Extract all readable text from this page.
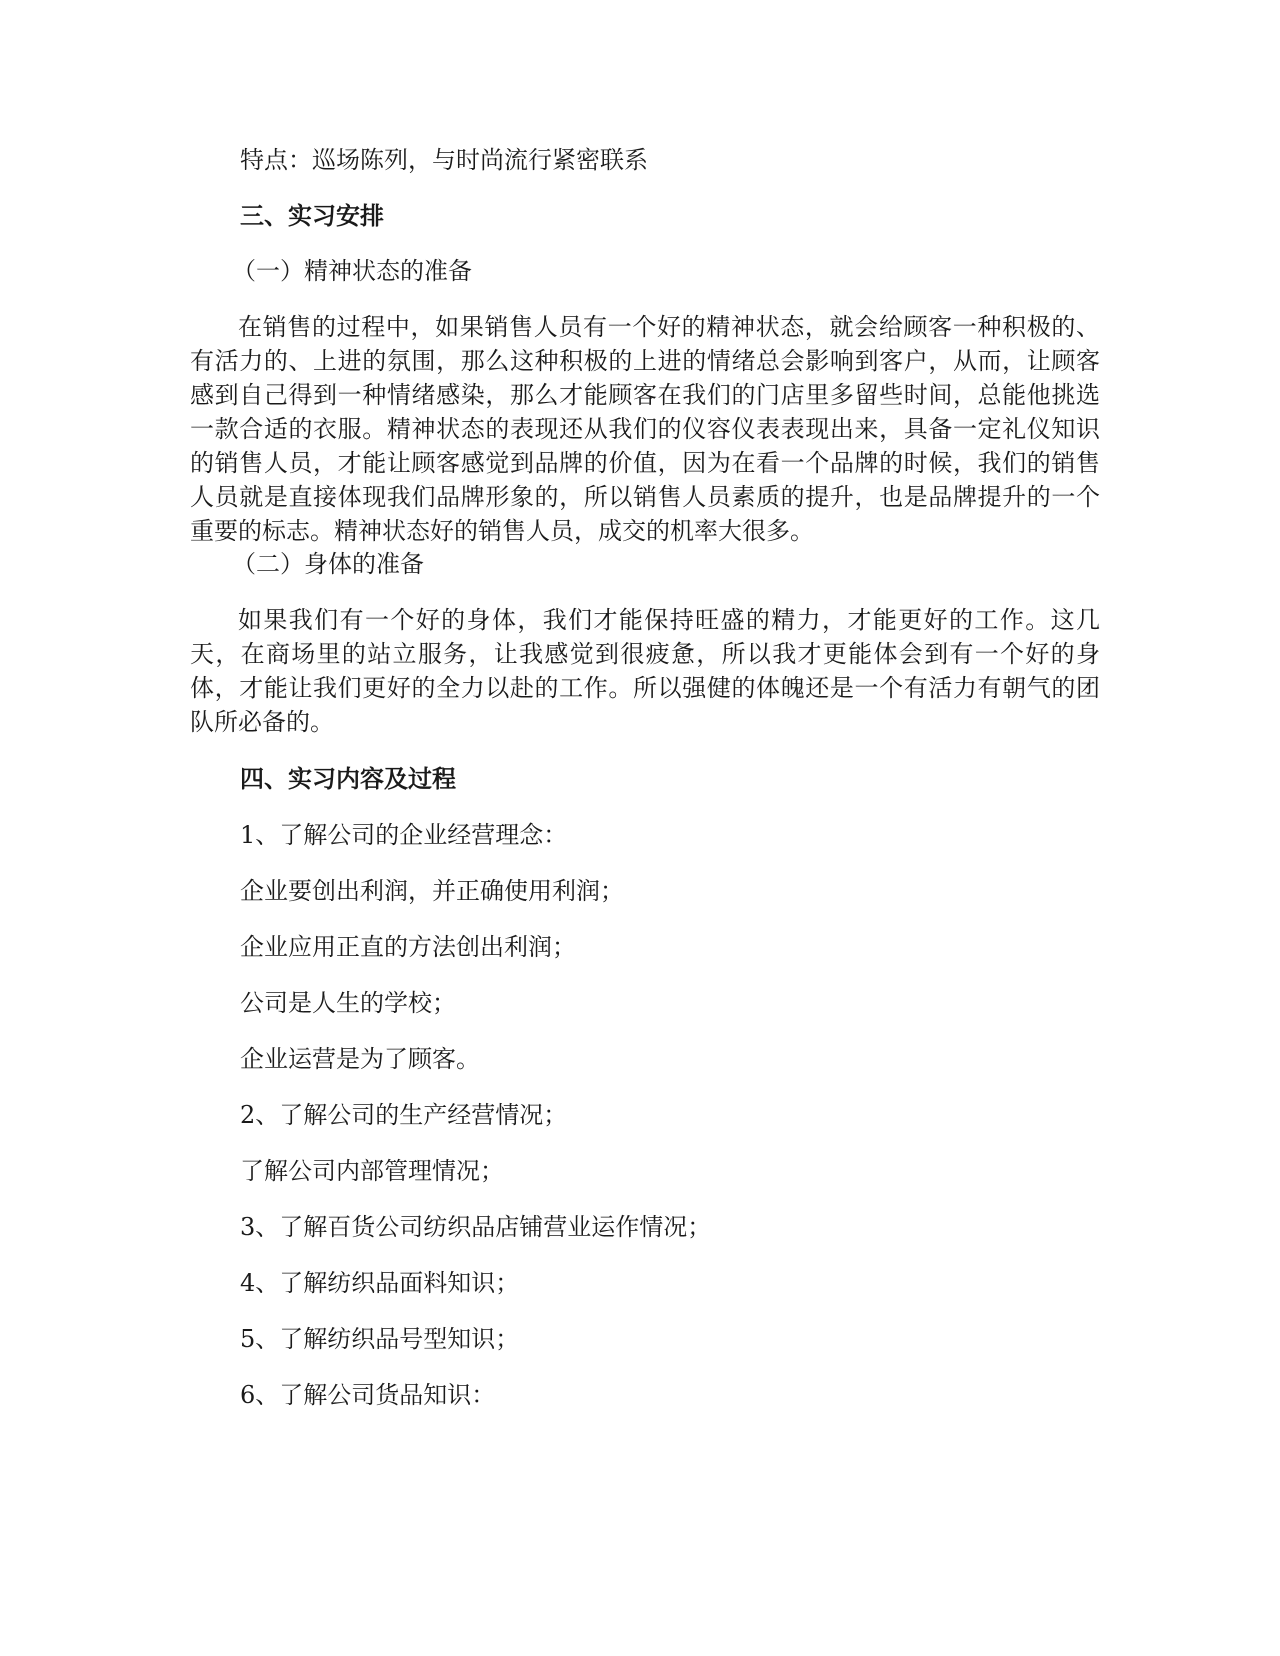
特点：巡场陈列，与时尚流行紧密联系
三、实习安排
（一）精神状态的准备
在销售的过程中，如果销售人员有一个好的精神状态，就会给顾客一种积极的、有活力的、上进的氛围，那么这种积极的上进的情绪总会影响到客户，从而，让顾客感到自己得到一种情绪感染，那么才能顾客在我们的门店里多留些时间，总能他挑选一款合适的衣服。精神状态的表现还从我们的仪容仪表表现出来，具备一定礼仪知识的销售人员，才能让顾客感觉到品牌的价值，因为在看一个品牌的时候，我们的销售人员就是直接体现我们品牌形象的，所以销售人员素质的提升，也是品牌提升的一个重要的标志。精神状态好的销售人员，成交的机率大很多。
（二）身体的准备
如果我们有一个好的身体，我们才能保持旺盛的精力，才能更好的工作。这几天，在商场里的站立服务，让我感觉到很疲惫，所以我才更能体会到有一个好的身体，才能让我们更好的全力以赴的工作。所以强健的体魄还是一个有活力有朝气的团队所必备的。
四、实习内容及过程
1、了解公司的企业经营理念：
企业要创出利润，并正确使用利润；
企业应用正直的方法创出利润；
公司是人生的学校；
企业运营是为了顾客。
2、了解公司的生产经营情况；
了解公司内部管理情况；
3、了解百货公司纺织品店铺营业运作情况；
4、了解纺织品面料知识；
5、了解纺织品号型知识；
6、了解公司货品知识：
